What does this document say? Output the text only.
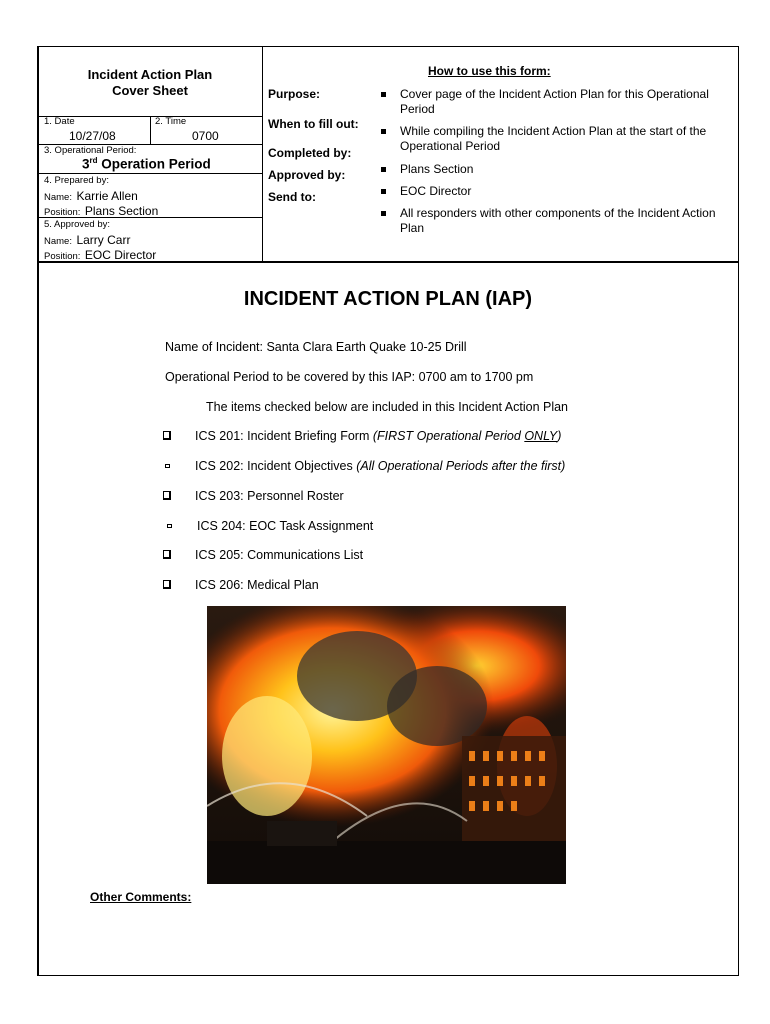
Incident Action Plan
Cover Sheet
1. Date
10/27/08
2. Time
0700
3. Operational Period:
3rd Operation Period
4. Prepared by:
Name: Karrie Allen
Position: Plans Section
5. Approved by:
Name: Larry Carr
Position: EOC Director
How to use this form:
Purpose:
When to fill out:
Completed by:
Approved by:
Send to:
Cover page of the Incident Action Plan for this Operational Period
While compiling the Incident Action Plan at the start of the Operational Period
Plans Section
EOC Director
All responders with other components of the Incident Action Plan
INCIDENT ACTION PLAN (IAP)
Name of Incident: Santa Clara Earth Quake 10-25 Drill
Operational Period to be covered by this IAP: 0700 am to 1700 pm
The items checked below are included in this Incident Action Plan
ICS 201: Incident Briefing Form (FIRST Operational Period ONLY)
ICS 202: Incident Objectives (All Operational Periods after the first)
ICS 203: Personnel Roster
ICS 204: EOC Task Assignment
ICS 205: Communications List
ICS 206: Medical Plan
Other Comments:
